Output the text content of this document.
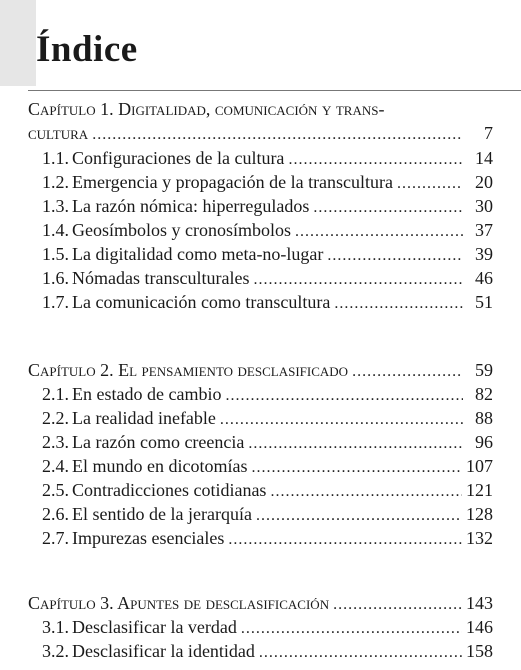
Índice
Capítulo 1. Digitalidad, comunicación y trans-
cultura .....	7
1.1. Configuraciones de la cultura .....	14
1.2. Emergencia y propagación de la transcultura .....	20
1.3. La razón nómica: hiperregulados .....	30
1.4. Geosímbolos y cronosímbolos .....	37
1.5. La digitalidad como meta-no-lugar .....	39
1.6. Nómadas transculturales .....	46
1.7. La comunicación como transcultura .....	51
Capítulo 2. El pensamiento desclasificado .....	59
2.1. En estado de cambio .....	82
2.2. La realidad inefable .....	88
2.3. La razón como creencia .....	96
2.4. El mundo en dicotomías .....	107
2.5. Contradicciones cotidianas .....	121
2.6. El sentido de la jerarquía .....	128
2.7. Impurezas esenciales .....	132
Capítulo 3. Apuntes de desclasificación .....	143
3.1. Desclasificar la verdad .....	146
3.2. Desclasificar la identidad .....	158
